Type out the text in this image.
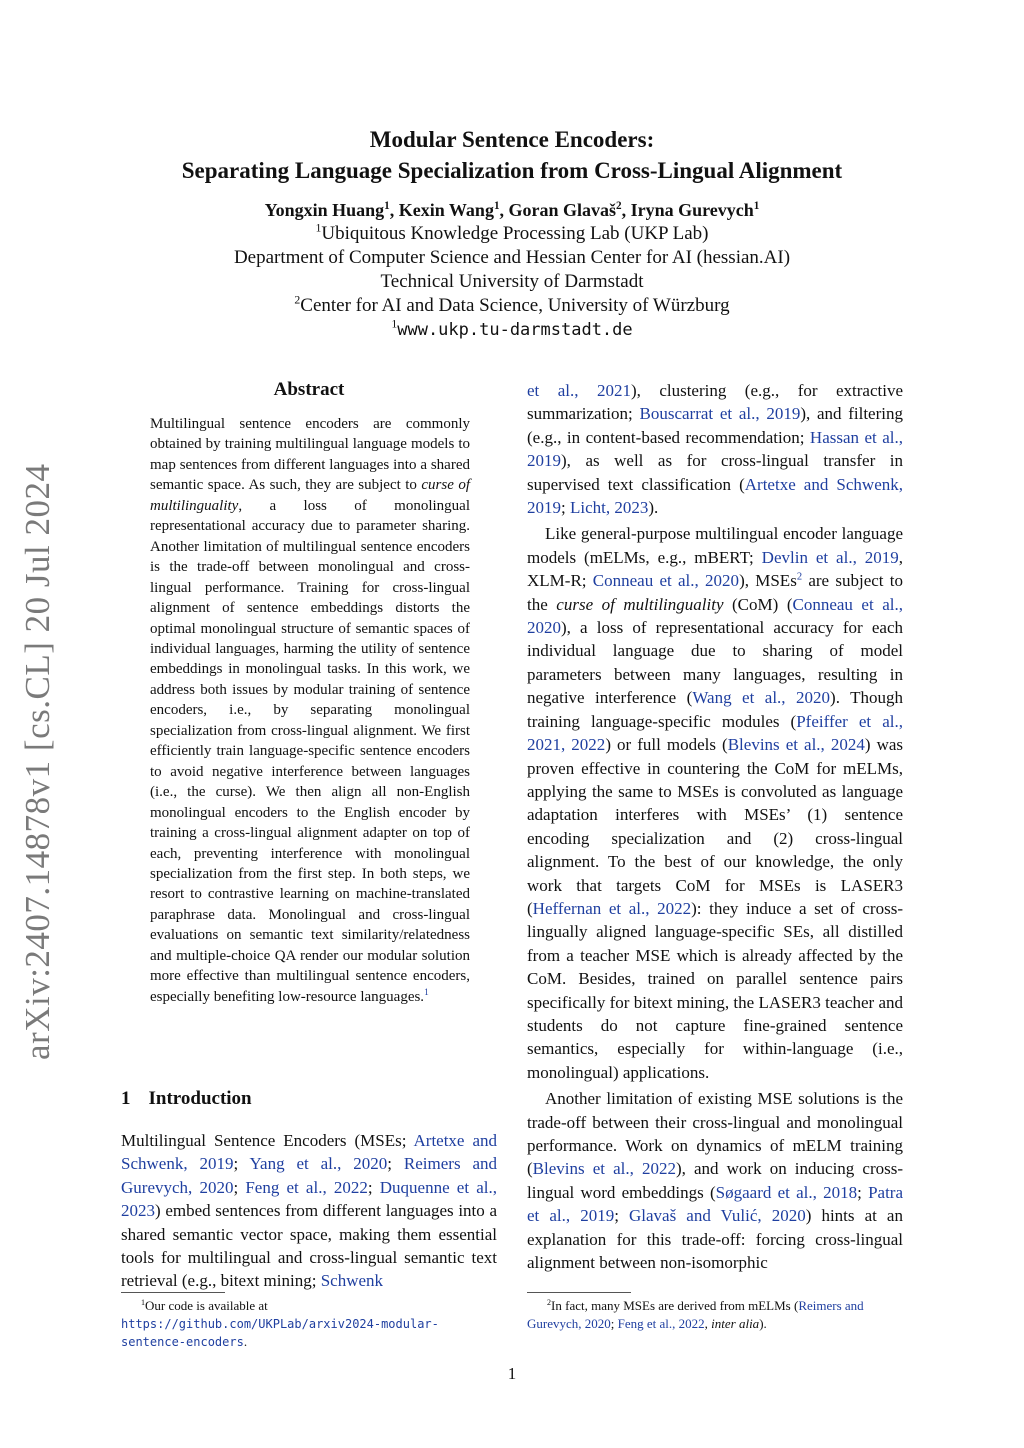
arXiv:2407.14878v1 [cs.CL] 20 Jul 2024
Modular Sentence Encoders:
Separating Language Specialization from Cross-Lingual Alignment
Yongxin Huang$^1$, Kexin Wang$^1$, Goran Glavaš$^2$, Iryna Gurevych$^1$
$^1$Ubiquitous Knowledge Processing Lab (UKP Lab)
Department of Computer Science and Hessian Center for AI (hessian.AI)
Technical University of Darmstadt
$^2$Center for AI and Data Science, University of Würzburg
$^1$www.ukp.tu-darmstadt.de
Abstract
Multilingual sentence encoders are commonly obtained by training multilingual language models to map sentences from different languages into a shared semantic space. As such, they are subject to curse of multilinguality, a loss of monolingual representational accuracy due to parameter sharing. Another limitation of multilingual sentence encoders is the trade-off between monolingual and cross-lingual performance. Training for cross-lingual alignment of sentence embeddings distorts the optimal monolingual structure of semantic spaces of individual languages, harming the utility of sentence embeddings in monolingual tasks. In this work, we address both issues by modular training of sentence encoders, i.e., by separating monolingual specialization from cross-lingual alignment. We first efficiently train language-specific sentence encoders to avoid negative interference between languages (i.e., the curse). We then align all non-English monolingual encoders to the English encoder by training a cross-lingual alignment adapter on top of each, preventing interference with monolingual specialization from the first step. In both steps, we resort to contrastive learning on machine-translated paraphrase data. Monolingual and cross-lingual evaluations on semantic text similarity/relatedness and multiple-choice QA render our modular solution more effective than multilingual sentence encoders, especially benefiting low-resource languages.$^1$
1 Introduction
Multilingual Sentence Encoders (MSEs; Artetxe and Schwenk, 2019; Yang et al., 2020; Reimers and Gurevych, 2020; Feng et al., 2022; Duquenne et al., 2023) embed sentences from different languages into a shared semantic vector space, making them essential tools for multilingual and cross-lingual semantic text retrieval (e.g., bitext mining; Schwenk
et al., 2021), clustering (e.g., for extractive summarization; Bouscarrat et al., 2019), and filtering (e.g., in content-based recommendation; Hassan et al., 2019), as well as for cross-lingual transfer in supervised text classification (Artetxe and Schwenk, 2019; Licht, 2023).
Like general-purpose multilingual encoder language models (mELMs, e.g., mBERT; Devlin et al., 2019, XLM-R; Conneau et al., 2020), MSEs$^2$ are subject to the curse of multilinguality (CoM) (Conneau et al., 2020), a loss of representational accuracy for each individual language due to sharing of model parameters between many languages, resulting in negative interference (Wang et al., 2020). Though training language-specific modules (Pfeiffer et al., 2021, 2022) or full models (Blevins et al., 2024) was proven effective in countering the CoM for mELMs, applying the same to MSEs is convoluted as language adaptation interferes with MSEs’ (1) sentence encoding specialization and (2) cross-lingual alignment. To the best of our knowledge, the only work that targets CoM for MSEs is LASER3 (Heffernan et al., 2022): they induce a set of cross-lingually aligned language-specific SEs, all distilled from a teacher MSE which is already affected by the CoM. Besides, trained on parallel sentence pairs specifically for bitext mining, the LASER3 teacher and students do not capture fine-grained sentence semantics, especially for within-language (i.e., monolingual) applications.
Another limitation of existing MSE solutions is the trade-off between their cross-lingual and monolingual performance. Work on dynamics of mELM training (Blevins et al., 2022), and work on inducing cross-lingual word embeddings (Søgaard et al., 2018; Patra et al., 2019; Glavaš and Vulić, 2020) hints at an explanation for this trade-off: forcing cross-lingual alignment between non-isomorphic
$^1$Our code is available at https://github.com/UKPLab/arxiv2024-modular-sentence-encoders.
$^2$In fact, many MSEs are derived from mELMs (Reimers and Gurevych, 2020; Feng et al., 2022, inter alia).
1
